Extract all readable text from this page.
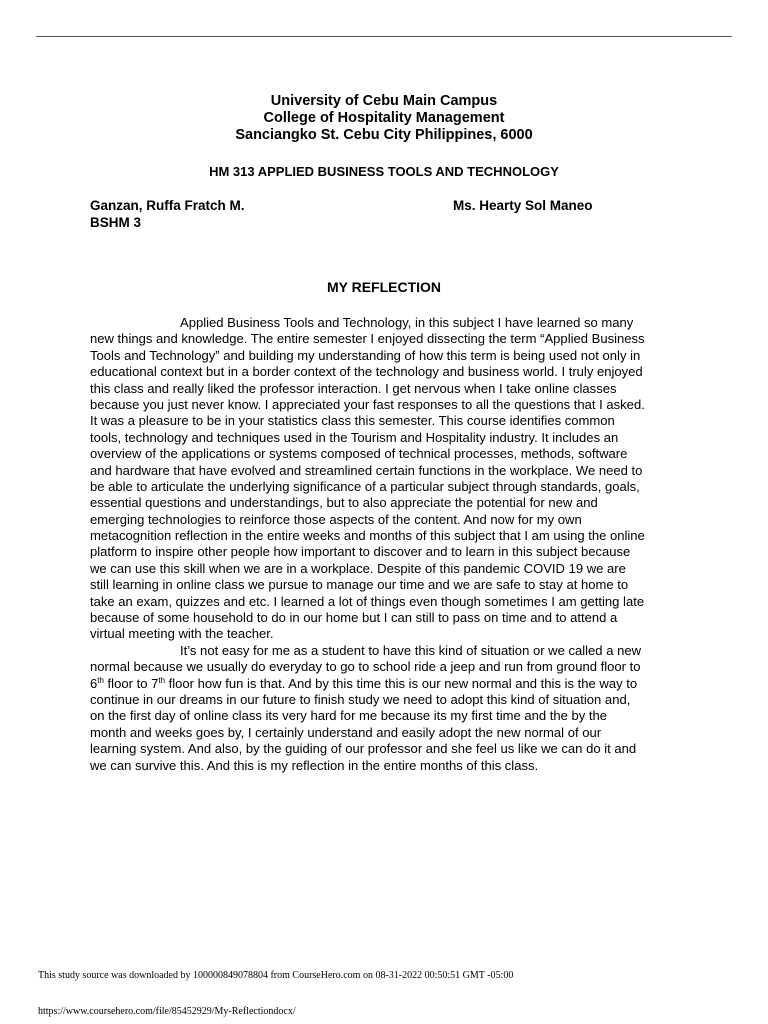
University of Cebu Main Campus
College of Hospitality Management
Sanciangko St. Cebu City Philippines, 6000
HM 313 APPLIED BUSINESS TOOLS AND TECHNOLOGY
Ganzan, Ruffa Fratch M.
BSHM 3
Ms. Hearty Sol Maneo
MY REFLECTION
Applied Business Tools and Technology, in this subject I have learned so many
new things and knowledge. The entire semester I enjoyed dissecting the term “Applied Business
Tools and Technology” and building my understanding of how this term is being used not only in
educational context but in a border context of the technology and business world. I truly enjoyed
this class and really liked the professor interaction. I get nervous when I take online classes
because you just never know. I appreciated your fast responses to all the questions that I asked.
It was a pleasure to be in your statistics class this semester. This course identifies common
tools, technology and techniques used in the Tourism and Hospitality industry. It includes an
overview of the applications or systems composed of technical processes, methods, software
and hardware that have evolved and streamlined certain functions in the workplace. We need to
be able to articulate the underlying significance of a particular subject through standards, goals,
essential questions and understandings, but to also appreciate the potential for new and
emerging technologies to reinforce those aspects of the content. And now for my own
metacognition reflection in the entire weeks and months of this subject that I am using the online
platform to inspire other people how important to discover and to learn in this subject because
we can use this skill when we are in a workplace. Despite of this pandemic COVID 19 we are
still learning in online class we pursue to manage our time and we are safe to stay at home to
take an exam, quizzes and etc. I learned a lot of things even though sometimes I am getting late
because of some household to do in our home but I can still to pass on time and to attend a
virtual meeting with the teacher.
It’s not easy for me as a student to have this kind of situation or we called a new
normal because we usually do everyday to go to school ride a jeep and run from ground floor to
6th floor to 7th floor how fun is that. And by this time this is our new normal and this is the way to
continue in our dreams in our future to finish study we need to adopt this kind of situation and,
on the first day of online class its very hard for me because its my first time and the by the
month and weeks goes by, I certainly understand and easily adopt the new normal of our
learning system. And also, by the guiding of our professor and she feel us like we can do it and
we can survive this. And this is my reflection in the entire months of this class.
This study source was downloaded by 100000849078804 from CourseHero.com on 08-31-2022 00:50:51 GMT -05:00
https://www.coursehero.com/file/85452929/My-Reflectiondocx/
